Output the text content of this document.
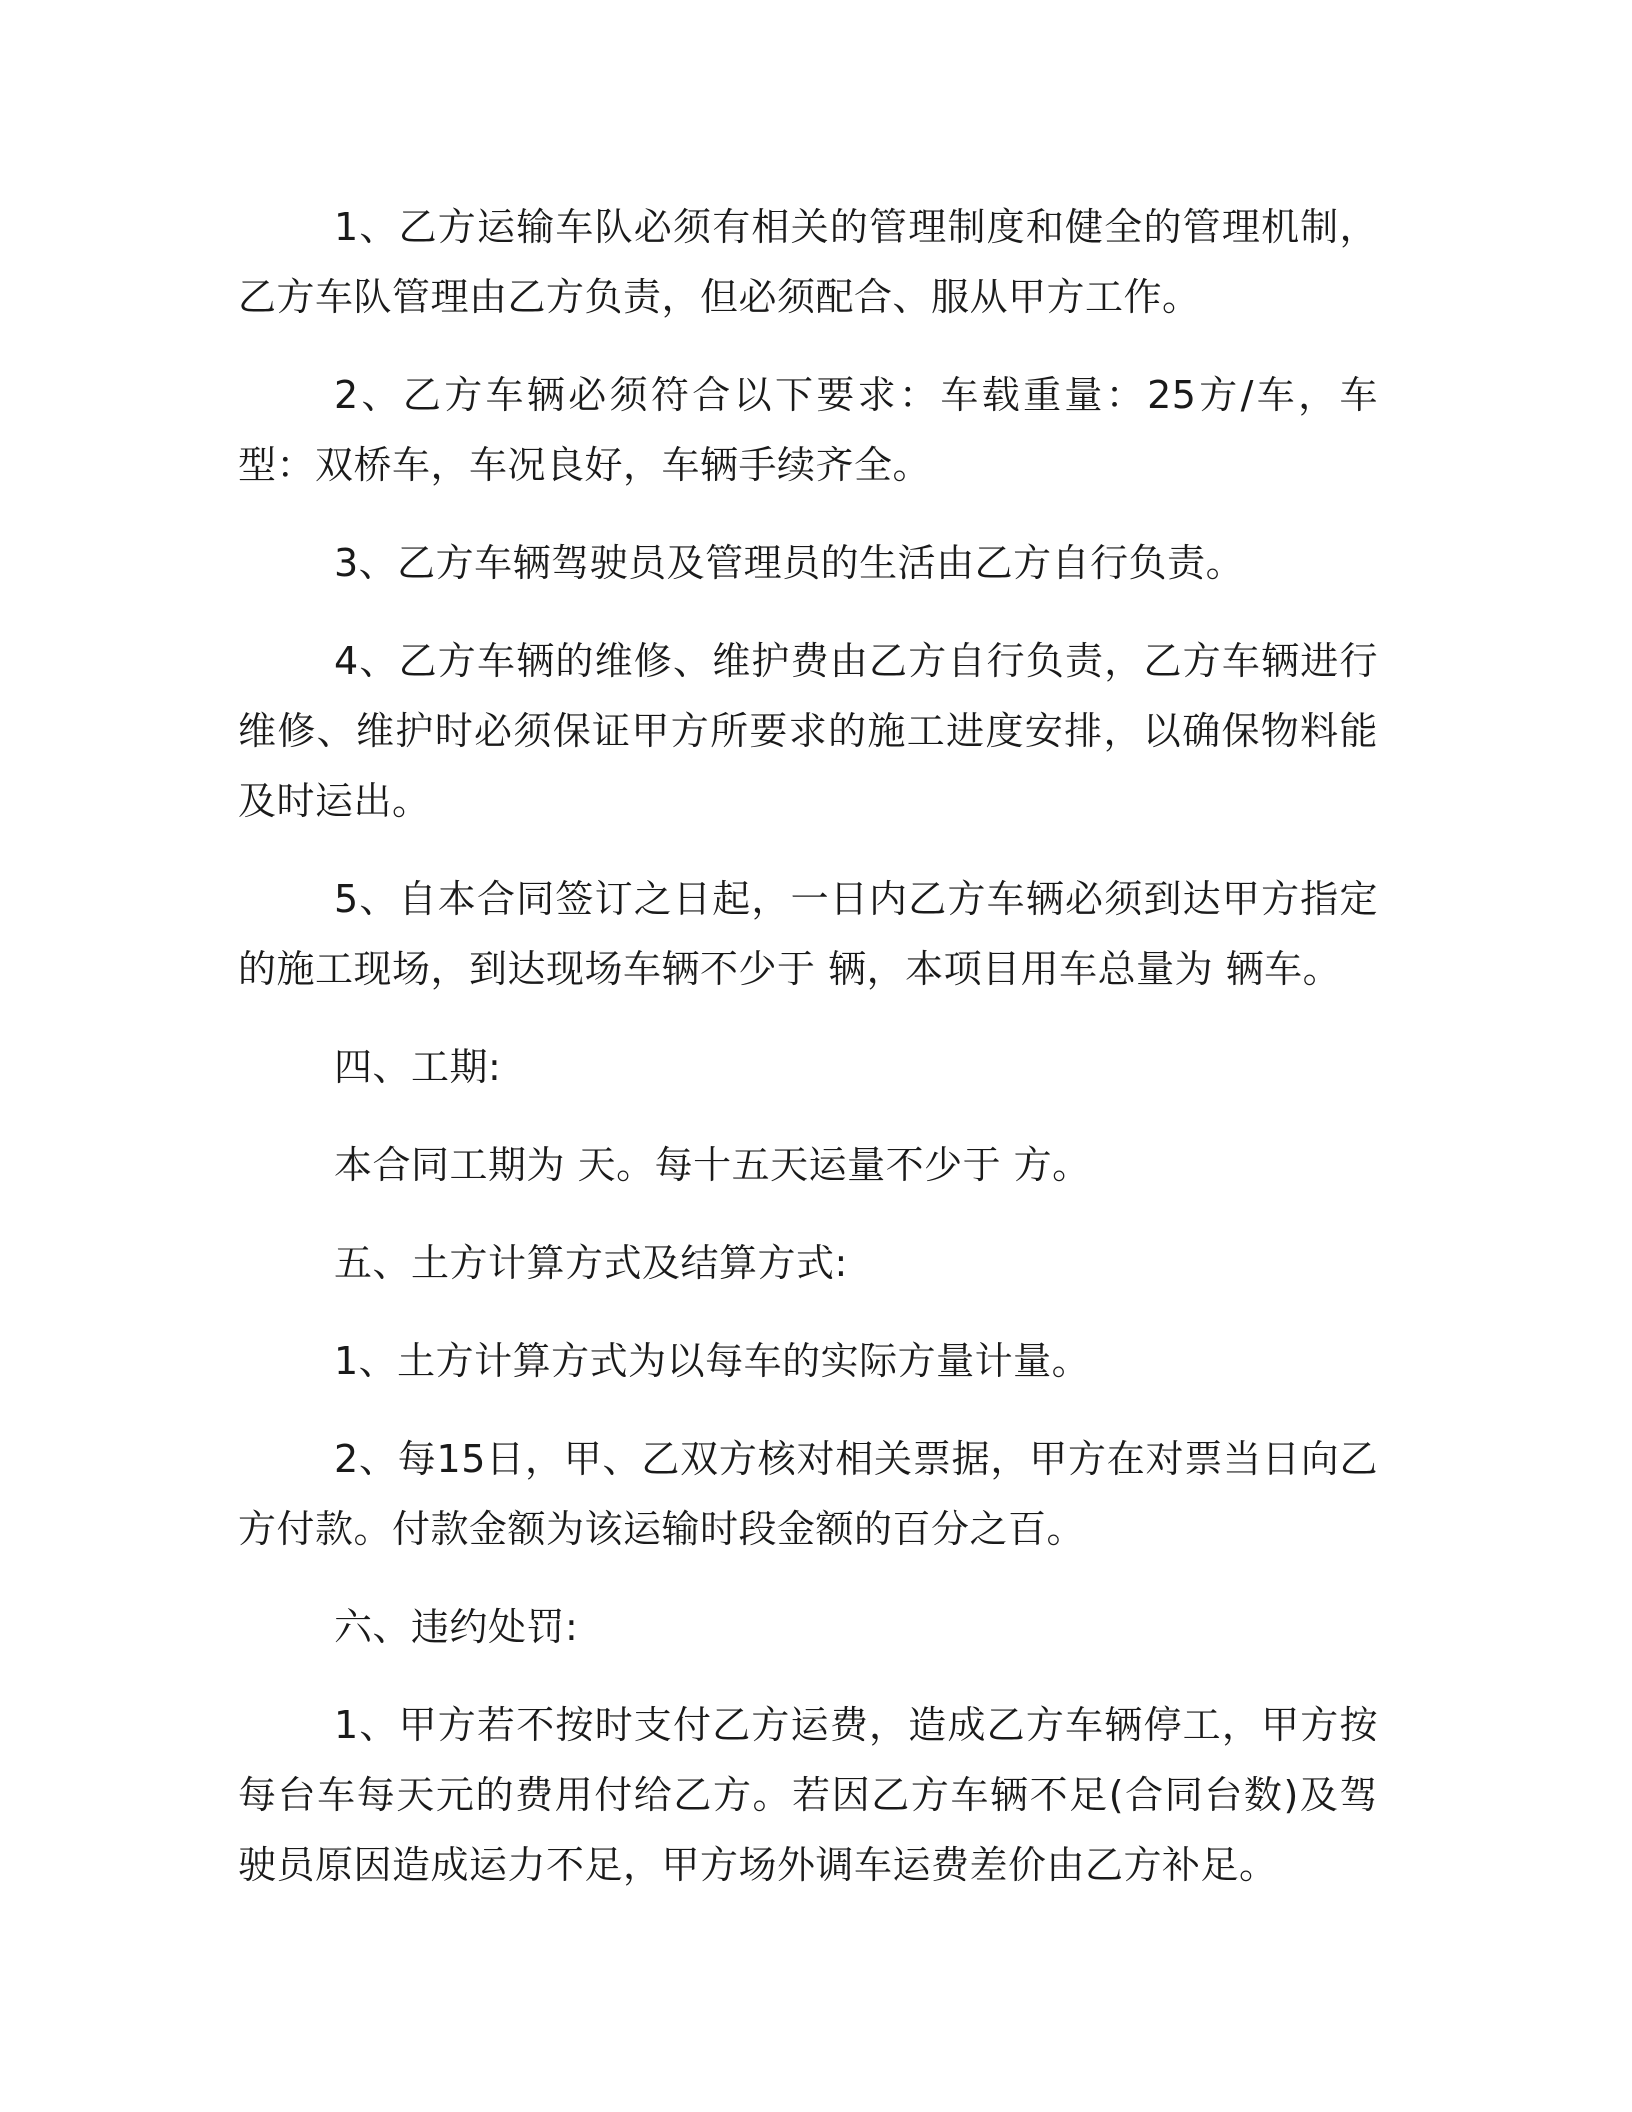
1、乙方运输车队必须有相关的管理制度和健全的管理机制，乙方车队管理由乙方负责，但必须配合、服从甲方工作。

2、乙方车辆必须符合以下要求：车载重量：25方/车，车型：双桥车，车况良好，车辆手续齐全。

3、乙方车辆驾驶员及管理员的生活由乙方自行负责。

4、乙方车辆的维修、维护费由乙方自行负责，乙方车辆进行维修、维护时必须保证甲方所要求的施工进度安排，以确保物料能及时运出。

5、自本合同签订之日起，一日内乙方车辆必须到达甲方指定的施工现场，到达现场车辆不少于 辆，本项目用车总量为 辆车。

四、工期:

本合同工期为 天。每十五天运量不少于 方。

五、土方计算方式及结算方式:

1、土方计算方式为以每车的实际方量计量。

2、每15日，甲、乙双方核对相关票据，甲方在对票当日向乙方付款。付款金额为该运输时段金额的百分之百。

六、违约处罚:

1、甲方若不按时支付乙方运费，造成乙方车辆停工，甲方按每台车每天元的费用付给乙方。若因乙方车辆不足(合同台数)及驾驶员原因造成运力不足，甲方场外调车运费差价由乙方补足。
